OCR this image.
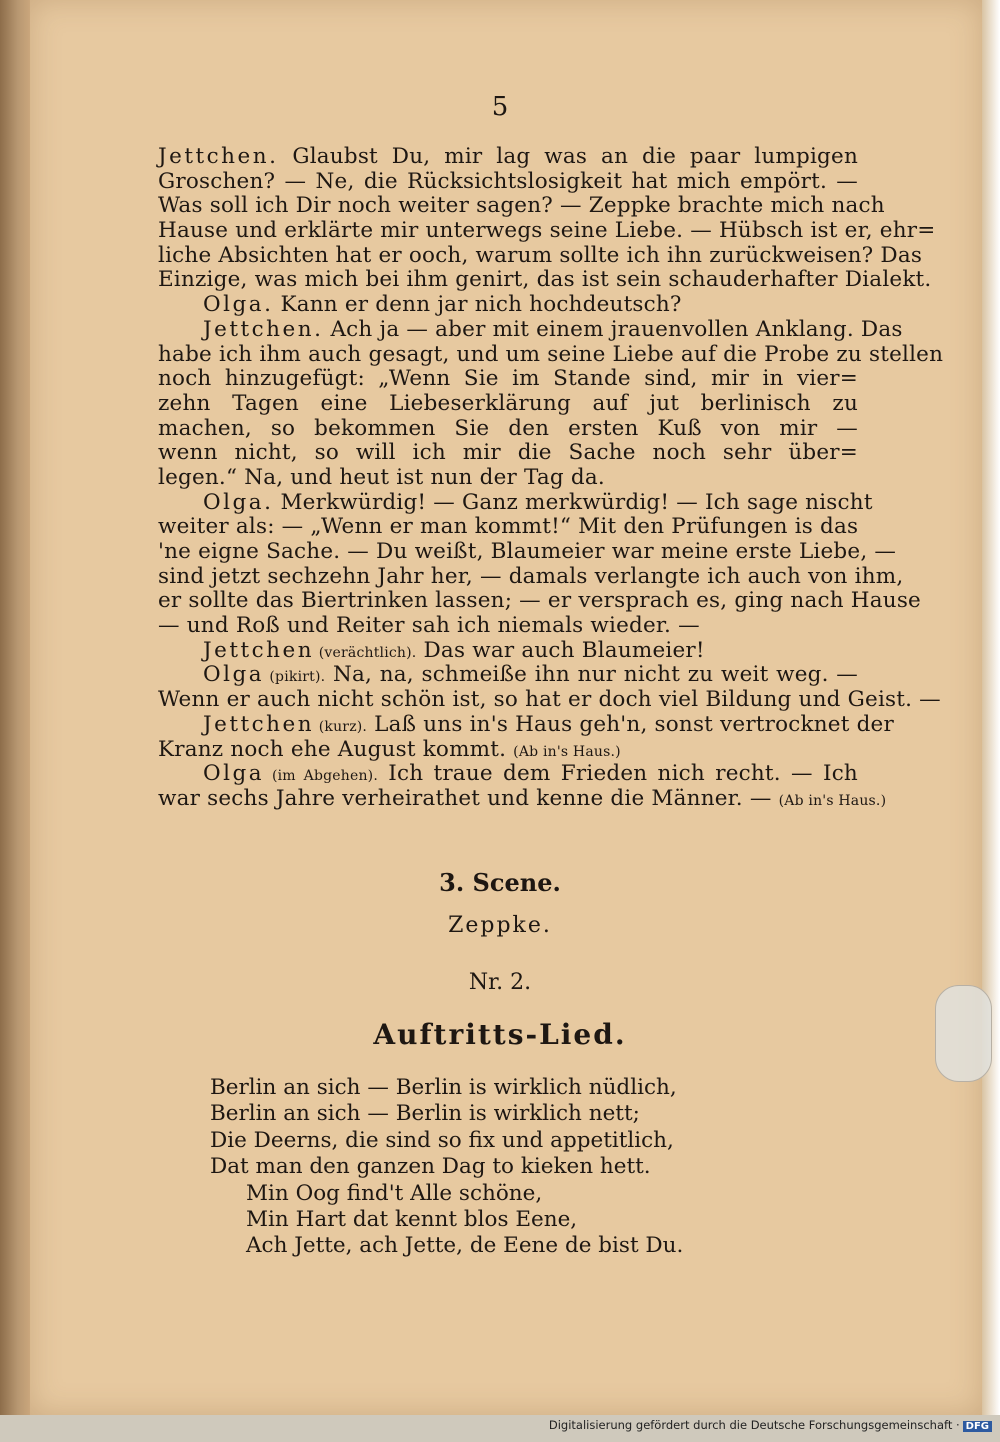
5
Jettchen. Glaubst Du, mir lag was an die paar lumpigen
Groschen? — Ne, die Rücksichtslosigkeit hat mich empört. —
Was soll ich Dir noch weiter sagen? — Zeppke brachte mich nach
Hause und erklärte mir unterwegs seine Liebe. — Hübsch ist er, ehr=
liche Absichten hat er ooch, warum sollte ich ihn zurückweisen? Das
Einzige, was mich bei ihm genirt, das ist sein schauderhafter Dialekt.
Olga. Kann er denn jar nich hochdeutsch?
Jettchen. Ach ja — aber mit einem jrauenvollen Anklang. Das
habe ich ihm auch gesagt, und um seine Liebe auf die Probe zu stellen
noch hinzugefügt: „Wenn Sie im Stande sind, mir in vier=
zehn Tagen eine Liebeserklärung auf jut berlinisch zu
machen, so bekommen Sie den ersten Kuß von mir —
wenn nicht, so will ich mir die Sache noch sehr über=
legen.“ Na, und heut ist nun der Tag da.
Olga. Merkwürdig! — Ganz merkwürdig! — Ich sage nischt
weiter als: — „Wenn er man kommt!“ Mit den Prüfungen is das
'ne eigne Sache. — Du weißt, Blaumeier war meine erste Liebe, —
sind jetzt sechzehn Jahr her, — damals verlangte ich auch von ihm,
er sollte das Biertrinken lassen; — er versprach es, ging nach Hause
— und Roß und Reiter sah ich niemals wieder. —
Jettchen (verächtlich). Das war auch Blaumeier!
Olga (pikirt). Na, na, schmeiße ihn nur nicht zu weit weg. —
Wenn er auch nicht schön ist, so hat er doch viel Bildung und Geist. —
Jettchen (kurz). Laß uns in's Haus geh'n, sonst vertrocknet der
Kranz noch ehe August kommt. (Ab in's Haus.)
Olga (im Abgehen). Ich traue dem Frieden nich recht. — Ich
war sechs Jahre verheirathet und kenne die Männer. — (Ab in's Haus.)
3. Scene.
Zeppke.
Nr. 2.
Auftritts-Lied.
Berlin an sich — Berlin is wirklich nüdlich,
Berlin an sich — Berlin is wirklich nett;
Die Deerns, die sind so fix und appetitlich,
Dat man den ganzen Dag to kieken hett.
Min Oog find't Alle schöne,
Min Hart dat kennt blos Eene,
Ach Jette, ach Jette, de Eene de bist Du.
Digitalisierung gefördert durch die Deutsche Forschungsgemeinschaft · DFG
